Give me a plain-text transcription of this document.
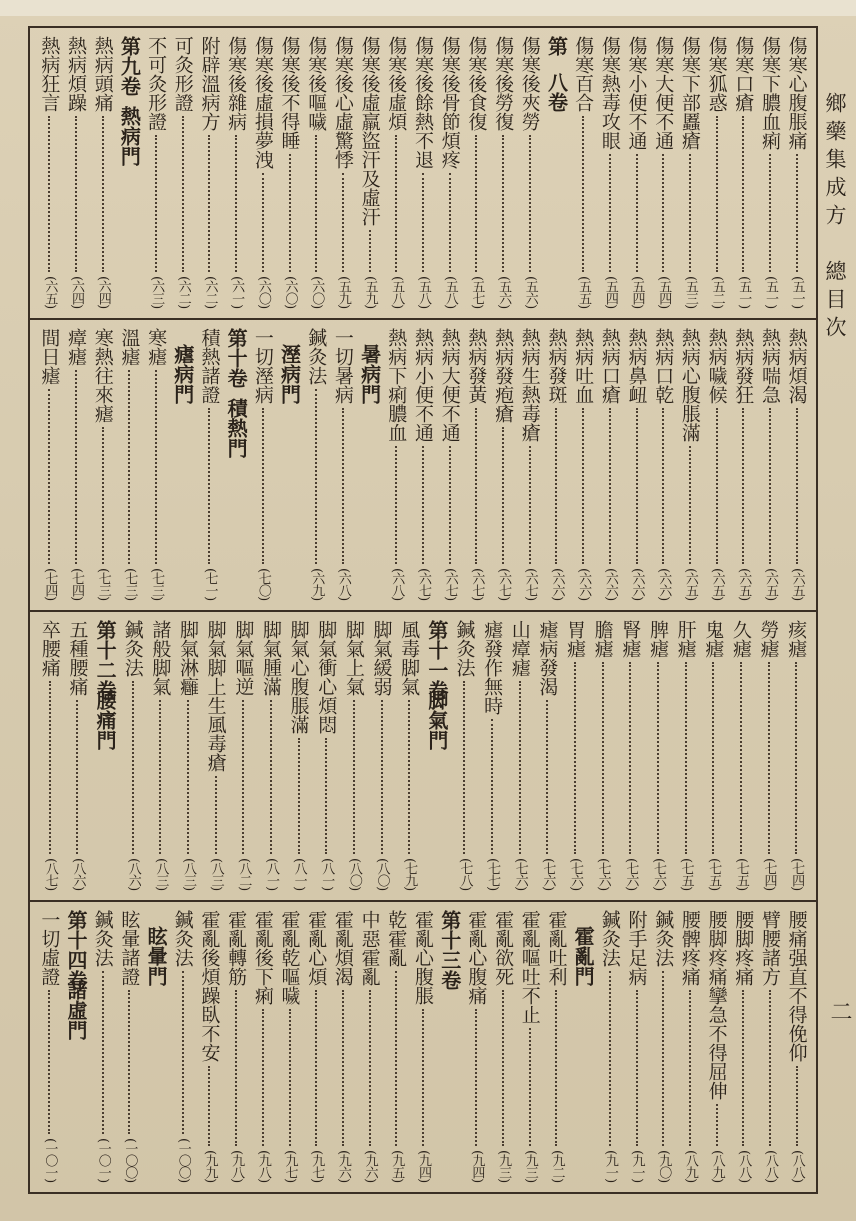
鄉藥集成方　總目次
二
傷寒心腹脹痛
(五一)
傷寒下膿血痢
(五一)
傷寒口瘡
(五一)
傷寒狐惑
(五二)
傷寒下部䘌瘡
(五三)
傷寒大便不通
(五四)
傷寒小便不通
(五四)
傷寒熱毒攻眼
(五四)
傷寒百合
(五五)
第
八卷
傷寒後夾勞
(五六)
傷寒後勞復
(五六)
傷寒後食復
(五七)
傷寒後骨節煩疼
(五八)
傷寒後餘熱不退
(五八)
傷寒後虛煩
(五八)
傷寒後虛羸盜汗及虛汗
(五九)
傷寒後心虛驚悸
(五九)
傷寒後嘔噦
(六〇)
傷寒後不得睡
(六〇)
傷寒後虛損夢洩
(六〇)
傷寒後雜病
(六一)
附辟溫病方
(六二)
可灸形證
(六二)
不可灸形證
(六三)
第九卷
熱病門
熱病頭痛
(六四)
熱病煩躁
(六四)
熱病狂言
(六五)
熱病煩渴
(六五)
熱病喘急
(六五)
熱病發狂
(六五)
熱病噦候
(六五)
熱病心腹脹滿
(六五)
熱病口乾
(六六)
熱病鼻衄
(六六)
熱病口瘡
(六六)
熱病吐血
(六六)
熱病發斑
(六六)
熱病生熱毒瘡
(六七)
熱病發疱瘡
(六七)
熱病發黃
(六七)
熱病大便不通
(六七)
熱病小便不通
(六七)
熱病下痢膿血
(六八)
暑病門
一切暑病
(六八)
鍼灸法
(六九)
溼病門
一切溼病
(七〇)
第十卷
積熱門
積熱諸證
(七一)
瘧病門
寒瘧
(七三)
溫瘧
(七三)
寒熱往來瘧
(七三)
瘴瘧
(七四)
間日瘧
(七四)
痎瘧
(七四)
勞瘧
(七四)
久瘧
(七五)
鬼瘧
(七五)
肝瘧
(七五)
脾瘧
(七六)
腎瘧
(七六)
膽瘧
(七六)
胃瘧
(七六)
瘧病發渴
(七六)
山瘴瘧
(七六)
瘧發作無時
(七七)
鍼灸法
(七八)
第十一卷
脚氣門
風毒脚氣
(七九)
脚氣緩弱
(八〇)
脚氣上氣
(八〇)
脚氣衝心煩悶
(八一)
脚氣心腹脹滿
(八一)
脚氣腫滿
(八一)
脚氣嘔逆
(八二)
脚氣脚上生風毒瘡
(八三)
脚氣淋癰
(八三)
諸般脚氣
(八三)
鍼灸法
(八六)
第十二卷
腰痛門
五種腰痛
(八六)
卒腰痛
(八七)
腰痛强直不得俛仰
(八八)
臂腰諸方
(八八)
腰脚疼痛
(八八)
腰脚疼痛攣急不得屈伸
(八九)
腰髀疼痛
(八九)
鍼灸法
(九〇)
附手足病
(九一)
鍼灸法
(九一)
霍亂門
霍亂吐利
(九二)
霍亂嘔吐不止
(九三)
霍亂欲死
(九三)
霍亂心腹痛
(九四)
第十三卷
霍亂心腹脹
(九四)
乾霍亂
(九五)
中惡霍亂
(九六)
霍亂煩渴
(九六)
霍亂心煩
(九七)
霍亂乾嘔噦
(九七)
霍亂後下痢
(九八)
霍亂轉筋
(九八)
霍亂後煩躁臥不安
(九九)
鍼灸法
(一〇〇)
眩暈門
眩暈諸證
(一〇〇)
鍼灸法
(一〇一)
第十四卷
諸虛門
一切虛證
(一〇一)
